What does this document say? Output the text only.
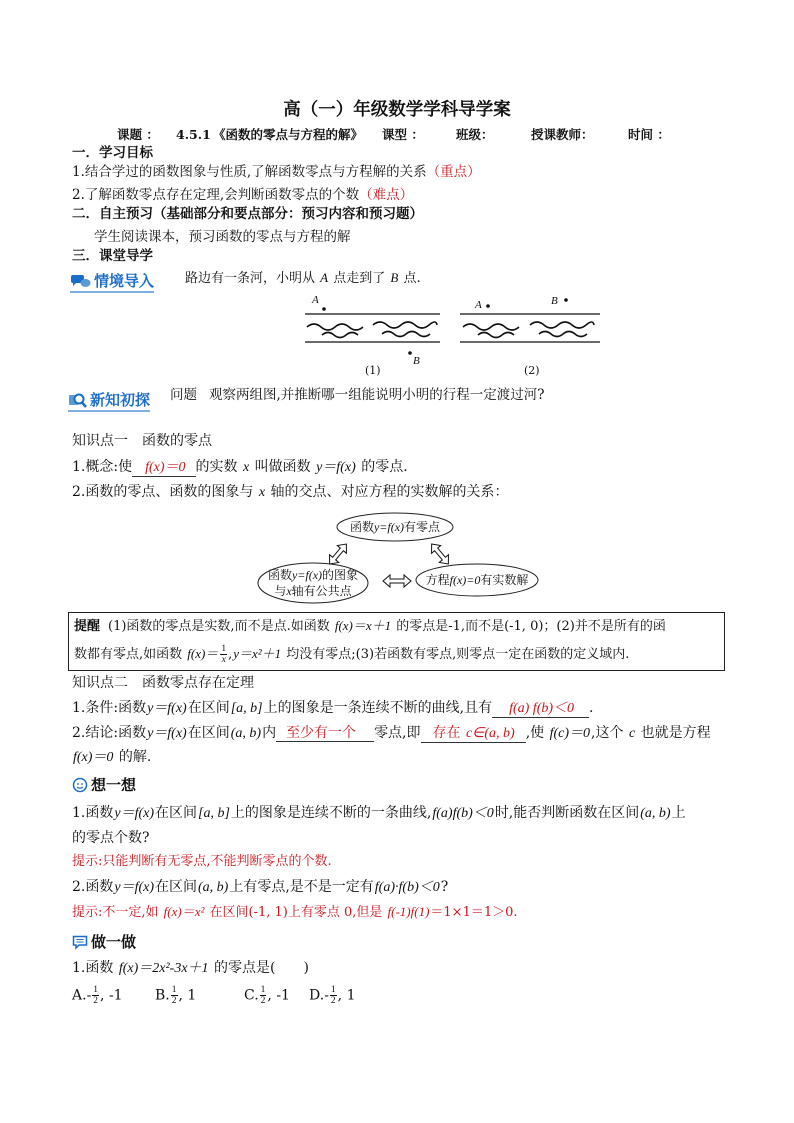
A
B
(1)
A	B
(2)
函数y=f(x)有零点
函数y=f(x)的图象
与x轴有公共点
方程f(x)=0有实数解
高（一）年级数学学科导学案
课题 ： 4.5.1 《函数的零点与方程的解》 课型 ：	班级：	授课教师：	时间 ：
一．学习目标
1.结合学过的函数图象与性质,了解函数零点与方程解的关系（重点）
2.了解函数零点存在定理,会判断函数零点的个数（难点）
二．自主预习（基础部分和要点部分：预习内容和预习题）
学生阅读课本，预习函数的零点与方程的解
三．课堂导学
情境导入 路边有一条河，小明从 A 点走到了 B 点.
新知初探 问题 观察两组图,并推断哪一组能说明小明的行程一定渡过河?
知识点一　函数的零点
1.概念:使 f(x)＝0 的实数 x 叫做函数 y＝f(x) 的零点.
2.函数的零点、函数的图象与 x 轴的交点、对应方程的实数解的关系：
提醒 (1)函数的零点是实数,而不是点.如函数 f(x)＝x＋1 的零点是-1,而不是(-1, 0)；(2)并不是所有的函
数都有零点,如函数 $f(x)= \frac{1}{x} ,y=x^2+1$ 均没有零点;(3)若函数有零点,则零点一定在函数的定义域内.
知识点二　函数零点存在定理
1.条件:函数y＝f(x)在区间[a, b]上的图象是一条连续不断的曲线,且有 f(a) f(b)＜0 .
2.结论:函数y＝f(x)在区间(a, b)内 至少有一个 零点,即 存在 c∈(a, b) ,使 f(c)＝0,这个 c 也就是方程
f(x)＝0 的解.
想一想
1.函数y＝f(x)在区间[a, b]上的图象是连续不断的一条曲线,f(a)f(b)＜0时,能否判断函数在区间(a, b)上
的零点个数?
提示:只能判断有无零点,不能判断零点的个数.
2.函数y＝f(x)在区间(a, b)上有零点,是不是一定有f(a)·f(b)＜0?
提示:不一定,如 f(x)＝x² 在区间(-1, 1)上有零点 0,但是 f(-1)f(1)＝1×1＝1＞0.
做一做
1.函数 f(x)＝2x²-3x＋1 的零点是(　　)
$A.- \frac{1}{2}$ , -1 B. $\frac{1}{2}$ , 1	C. $\frac{1}{2}$ , -1 $D.- \frac{1}{2}$ , 1
